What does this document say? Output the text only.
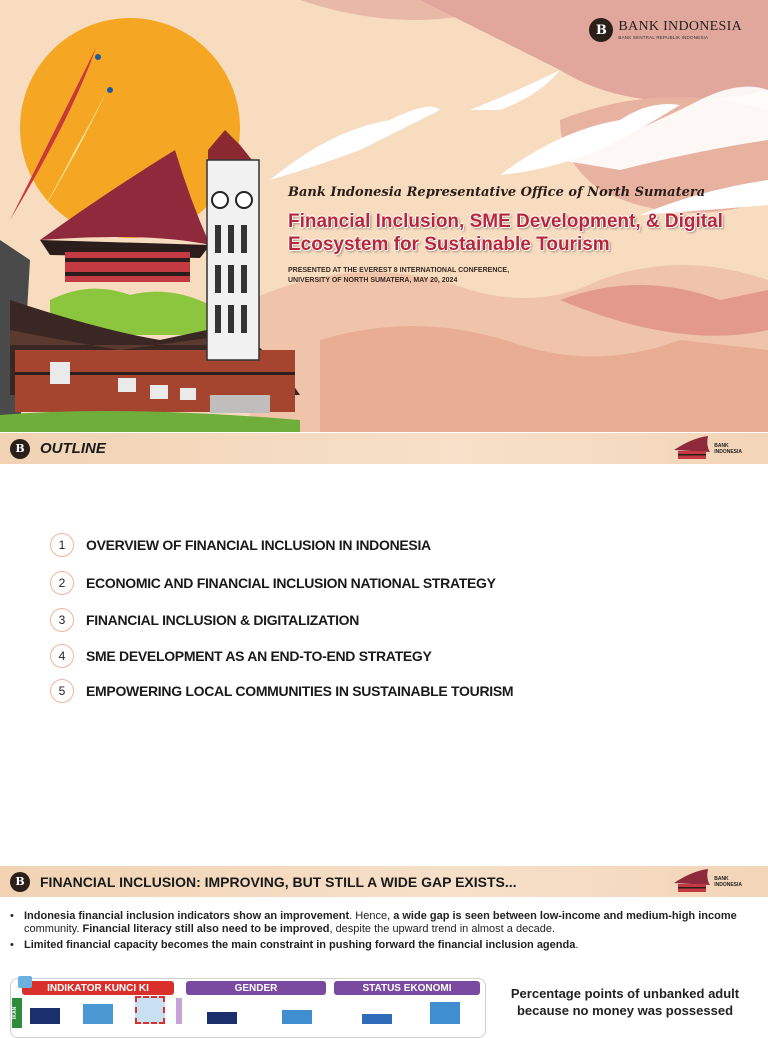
B BANK INDONESIA
BANK SENTRAL REPUBLIK INDONESIA
Bank Indonesia Representative Office of North Sumatera
Financial Inclusion, SME Development, & Digital
Ecosystem for Sustainable Tourism
PRESENTED AT THE EVEREST 8 INTERNATIONAL CONFERENCE,
UNIVERSITY OF NORTH SUMATERA, MAY 20, 2024
B	OUTLINE	BANK
INDONESIA
1	OVERVIEW OF FINANCIAL INCLUSION IN INDONESIA
2	ECONOMIC AND FINANCIAL INCLUSION NATIONAL STRATEGY
3	FINANCIAL INCLUSION & DIGITALIZATION
4	SME DEVELOPMENT AS AN END-TO-END STRATEGY
5	EMPOWERING LOCAL COMMUNITIES IN SUSTAINABLE TOURISM
B	FINANCIAL INCLUSION: IMPROVING, BUT STILL A WIDE GAP EXISTS...	BANK
INDONESIA
• Indonesia financial inclusion indicators show an improvement. Hence, a wide gap is seen between low-income and medium-high income community. Financial literacy still also need to be improved, despite the upward trend in almost a decade.
• Limited financial capacity becomes the main constraint in pushing forward the financial inclusion agenda.
INDIKATOR KUNCI KI	GENDER	STATUS EKONOMI
IKAN
Percentage points of unbanked adult
because no money was possessed
